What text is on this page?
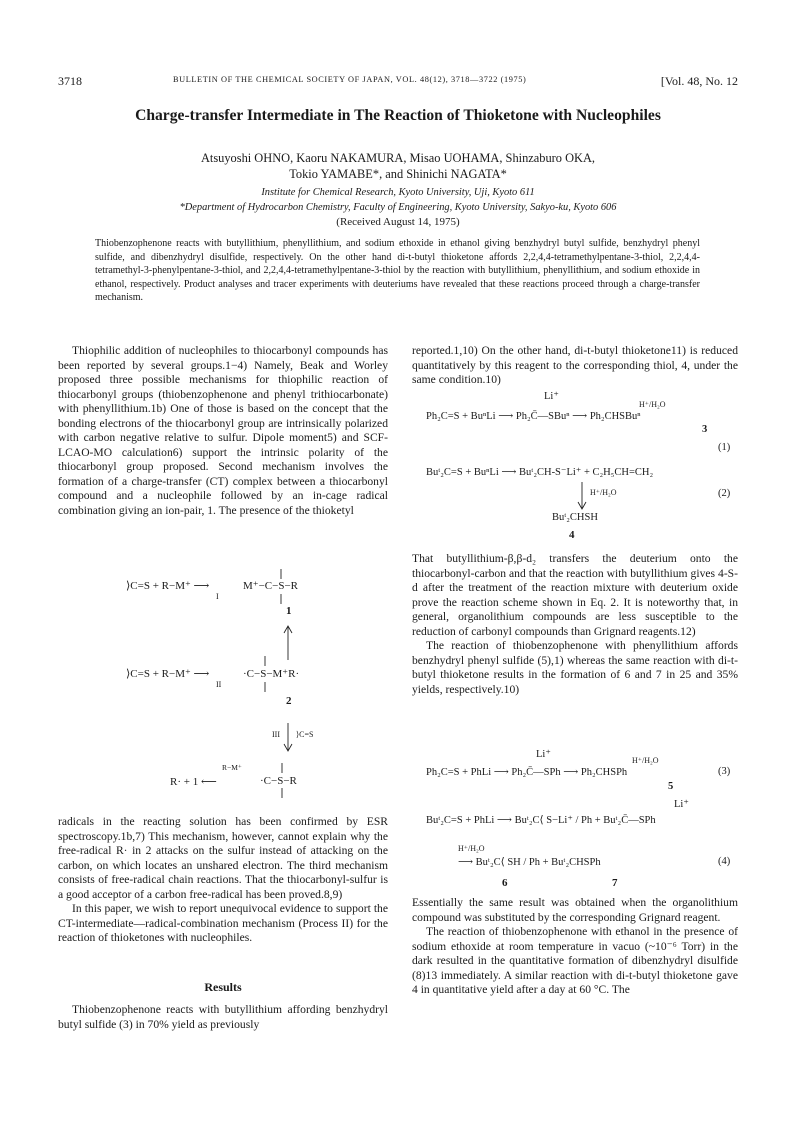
3718	BULLETIN OF THE CHEMICAL SOCIETY OF JAPAN, VOL. 48(12), 3718—3722 (1975)	[Vol. 48, No. 12
Charge-transfer Intermediate in The Reaction of Thioketone with Nucleophiles
Atsuyoshi OHNO, Kaoru NAKAMURA, Misao UOHAMA, Shinzaburo OKA,
Tokio YAMABE*, and Shinichi NAGATA*
Institute for Chemical Research, Kyoto University, Uji, Kyoto 611
*Department of Hydrocarbon Chemistry, Faculty of Engineering, Kyoto University, Sakyo-ku, Kyoto 606
(Received August 14, 1975)
Thiobenzophenone reacts with butyllithium, phenyllithium, and sodium ethoxide in ethanol giving benzhydryl butyl sulfide, benzhydryl phenyl sulfide, and dibenzhydryl disulfide, respectively. On the other hand di-t-butyl thioketone affords 2,2,4,4-tetramethylpentane-3-thiol, 2,2,4,4-tetramethyl-3-phenylpentane-3-thiol, and 2,2,4,4-tetramethylpentane-3-thiol by the reaction with butyllithium, phenyllithium, and sodium ethoxide in ethanol, respectively. Product analyses and tracer experiments with deuteriums have revealed that these reactions proceed through a charge-transfer mechanism.

Thiophilic addition of nucleophiles to thiocarbonyl compounds has been reported by several groups.1−4) Namely, Beak and Worley proposed three possible mechanisms for thiophilic reaction of thiocarbonyl groups (thiobenzophenone and phenyl trithiocarbonate) with phenyllithium.1b) One of those is based on the concept that the bonding electrons of the thiocarbonyl group are intrinsically polarized with carbon negative relative to sulfur. Dipole moment5) and SCF-LCAO-MO calculation6) support the intrinsic polarity of the thiocarbonyl group proposed. Second mechanism involves the formation of a charge-transfer (CT) complex between a thiocarbonyl compound and a nucleophile followed by an in-cage radical combination giving an ion-pair, 1. The presence of the thioketyl

⟩C=S + R−M⁺ ⟶	M⁺−C−S−R
I
1
⟩C=S + R−M⁺ ⟶	·C−S−M⁺R·
II
2
III ⟩C=S
R· + 1 ⟵
R−M⁺
·C−S−R

radicals in the reacting solution has been confirmed by ESR spectroscopy.1b,7) This mechanism, however, cannot explain why the free-radical R· in 2 attacks on the sulfur instead of attacking on the carbon, on which locates an unshared electron. The third mechanism consists of free-radical chain reactions. That the thiocarbonyl-sulfur is a good acceptor of a carbon free-radical has been proved.8,9)

In this paper, we wish to report unequivocal evidence to support the CT-intermediate—radical-combination mechanism (Process II) for the reaction of thioketones with nucleophiles.

Results

Thiobenzophenone reacts with butyllithium affording benzhydryl butyl sulfide (3) in 70% yield as previously

reported.1,10) On the other hand, di-t-butyl thioketone11) is reduced quantitatively by this reagent to the corresponding thiol, 4, under the same condition.10)

Li⁺
H⁺/H₂O
Ph₂C=S + BuⁿLi ⟶ Ph₂C̄—SBuⁿ ⟶ Ph₂CHSBuⁿ
3
(1)
Buᵗ₂C=S + BuⁿLi ⟶ Buᵗ₂CH-S⁻Li⁺ + C₂H₅CH=CH₂
H⁺/H₂O	(2)
Buᵗ₂CHSH
4

That butyllithium-β,β-d₂ transfers the deuterium onto the thiocarbonyl-carbon and that the reaction with butyllithium gives 4-S-d after the treatment of the reaction mixture with deuterium oxide prove the reaction scheme shown in Eq. 2. It is noteworthy that, in general, organolithium compounds are less susceptible to the reduction of carbonyl compounds than Grignard reagents.12)

The reaction of thiobenzophenone with phenyllithium affords benzhydryl phenyl sulfide (5),1) whereas the same reaction with di-t-butyl thioketone results in the formation of 6 and 7 in 25 and 35% yields, respectively.10)

Li⁺
H⁺/H₂O
Ph₂C=S + PhLi ⟶ Ph₂C̄—SPh ⟶ Ph₂CHSPh	(3)
5
Li⁺
Buᵗ₂C=S + PhLi ⟶ Buᵗ₂C⟨ S−Li⁺ / Ph + Buᵗ₂C̄—SPh
H⁺/H₂O
⟶ Buᵗ₂C⟨ SH / Ph + Buᵗ₂CHSPh	(4)
6	7

Essentially the same result was obtained when the organolithium compound was substituted by the corresponding Grignard reagent.

The reaction of thiobenzophenone with ethanol in the presence of sodium ethoxide at room temperature in vacuo (~10⁻⁶ Torr) in the dark resulted in the quantitative formation of dibenzhydryl disulfide (8)13 immediately. A similar reaction with di-t-butyl thioketone gave 4 in quantitative yield after a day at 60 °C. The
